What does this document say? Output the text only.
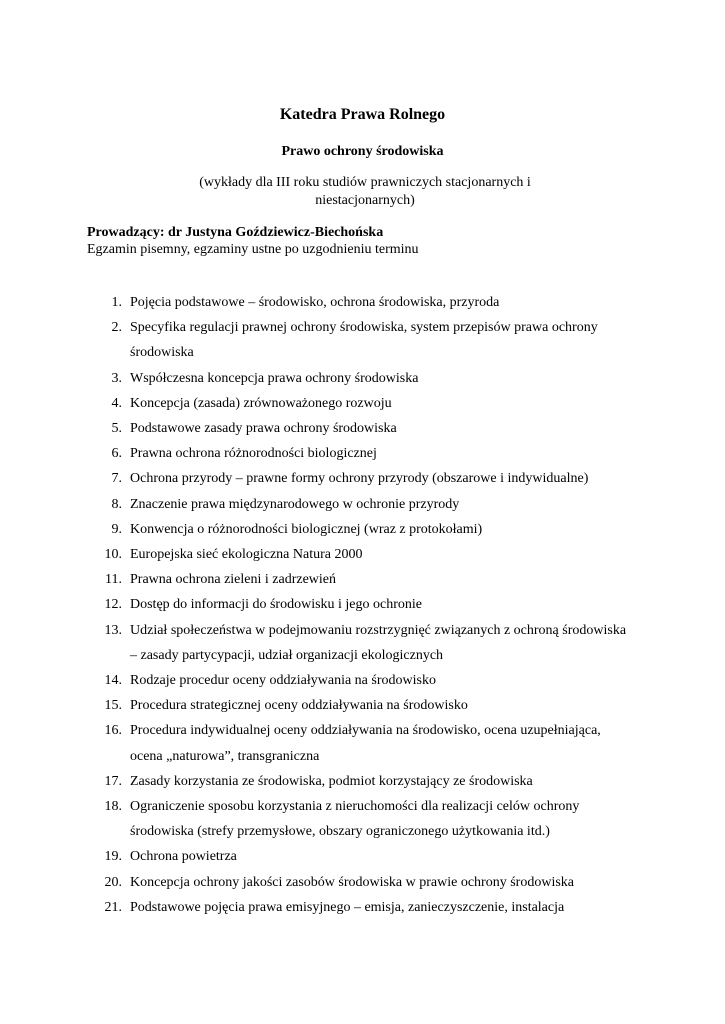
Katedra Prawa Rolnego
Prawo ochrony środowiska
(wykłady dla III roku studiów prawniczych stacjonarnych i niestacjonarnych)
Prowadzący: dr Justyna Goździewicz-Biechońska
Egzamin pisemny, egzaminy ustne po uzgodnieniu terminu
1. Pojęcia podstawowe – środowisko, ochrona środowiska, przyroda
2. Specyfika regulacji prawnej ochrony środowiska, system przepisów prawa ochrony środowiska
3. Współczesna koncepcja prawa ochrony środowiska
4. Koncepcja (zasada) zrównoważonego rozwoju
5. Podstawowe zasady prawa ochrony środowiska
6. Prawna ochrona różnorodności biologicznej
7. Ochrona przyrody – prawne formy ochrony przyrody (obszarowe i indywidualne)
8. Znaczenie prawa międzynarodowego w ochronie przyrody
9. Konwencja o różnorodności biologicznej (wraz z protokołami)
10. Europejska sieć ekologiczna Natura 2000
11. Prawna ochrona zieleni i zadrzewień
12. Dostęp do informacji do środowisku i jego ochronie
13. Udział społeczeństwa w podejmowaniu rozstrzygnięć związanych z ochroną środowiska – zasady partycypacji, udział organizacji ekologicznych
14. Rodzaje procedur oceny oddziaływania na środowisko
15. Procedura strategicznej oceny oddziaływania na środowisko
16. Procedura indywidualnej oceny oddziaływania na środowisko, ocena uzupełniająca, ocena „naturowa”, transgraniczna
17. Zasady korzystania ze środowiska, podmiot korzystający ze środowiska
18. Ograniczenie sposobu korzystania z nieruchomości dla realizacji celów ochrony środowiska (strefy przemysłowe, obszary ograniczonego użytkowania itd.)
19. Ochrona powietrza
20. Koncepcja ochrony jakości zasobów środowiska w prawie ochrony środowiska
21. Podstawowe pojęcia prawa emisyjnego – emisja, zanieczyszczenie, instalacja
